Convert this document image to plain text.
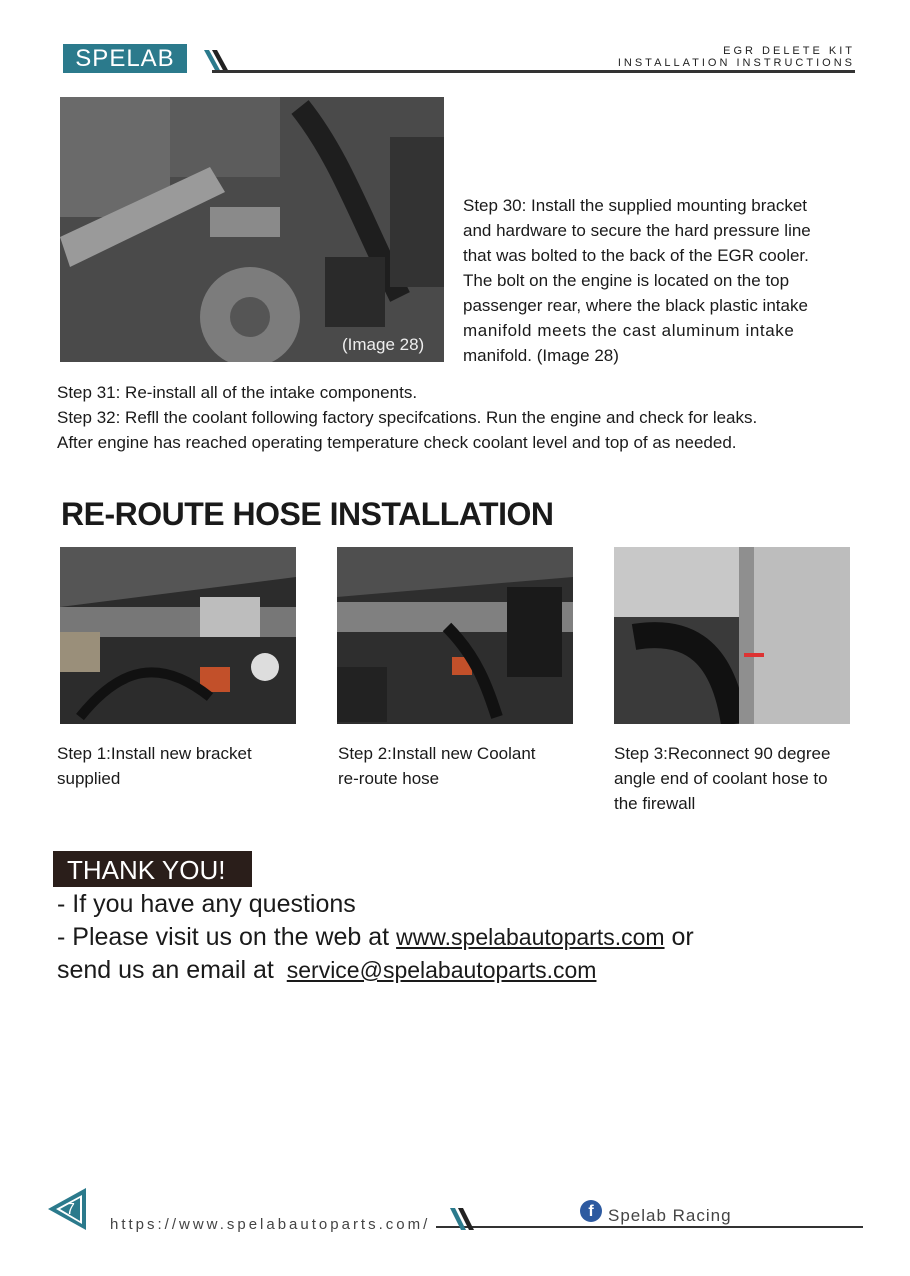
SPELAB	EGR DELETE KIT
INSTALLATION INSTRUCTIONS
(Image 28)
Step 30: Install the supplied mounting bracket
and hardware to secure the hard pressure line
that was bolted to the back of the EGR cooler.
The bolt on the engine is located on the top
passenger rear, where the black plastic intake
manifold meets the cast aluminum intake
manifold. (Image 28)
Step 31: Re-install all of the intake components.
Step 32: Refll the coolant following factory specifcations. Run the engine and check for leaks.
After engine has reached operating temperature check coolant level and top of as needed.
RE-ROUTE HOSE INSTALLATION
Step 1:Install new bracket
supplied
Step 2:Install new Coolant
re-route hose
Step 3:Reconnect 90 degree
angle end of coolant hose to
the firewall
THANK YOU!
- If you have any questions
- Please visit us on the web at www.spelabautoparts.com or
send us an email at service@spelabautoparts.com
7
https://www.spelabautoparts.com/
f Spelab Racing
